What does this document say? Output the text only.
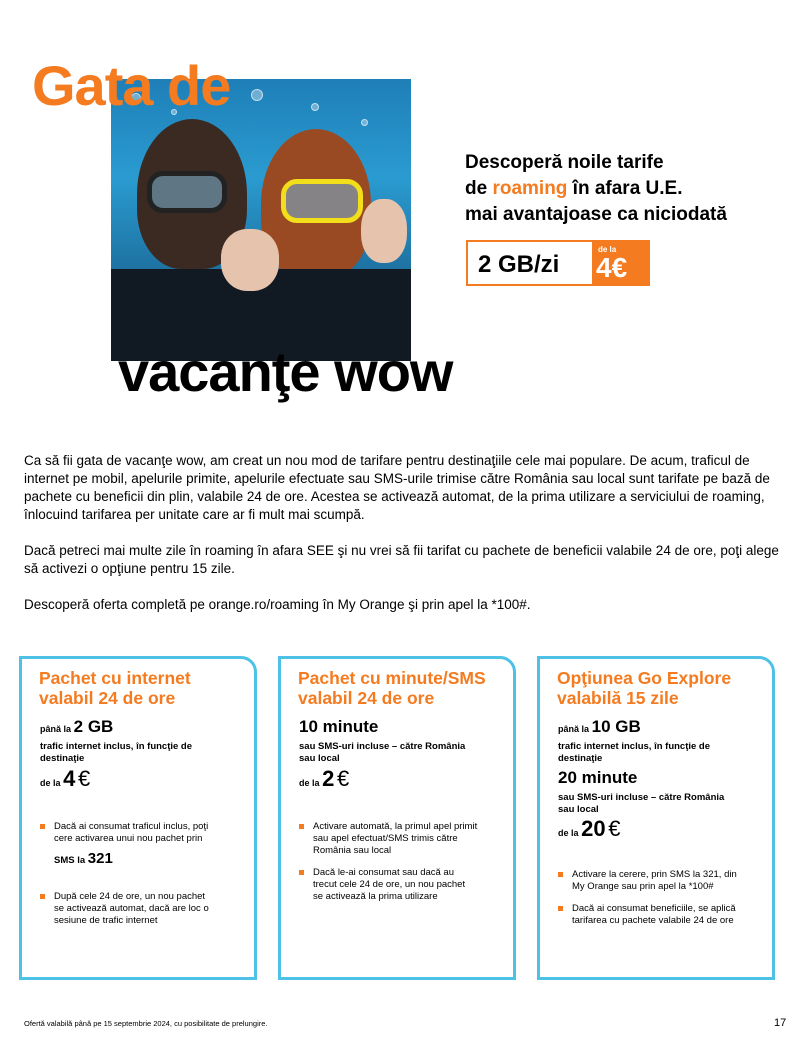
Gata de
vacanţe wow
Descoperă noile tarife
de roaming în afara U.E.
mai avantajoase ca niciodată
2 GB/zi
de la
4€

Ca să fii gata de vacanţe wow, am creat un nou mod de tarifare pentru destinaţiile cele mai populare. De acum, traficul de internet pe mobil, apelurile primite, apelurile efectuate sau SMS-urile trimise către România sau local sunt tarifate pe bază de pachete cu beneficii din plin, valabile 24 de ore. Acestea se activează automat, de la prima utilizare a serviciului de roaming, înlocuind tarifarea per unitate care ar fi mult mai scumpă.

Dacă petreci mai multe zile în roaming în afara SEE şi nu vrei să fii tarifat cu pachete de beneficii valabile 24 de ore, poţi alege să activezi o opţiune pentru 15 zile.

Descoperă oferta completă pe orange.ro/roaming în My Orange şi prin apel la *100#.

Pachet cu internet
valabil 24 de ore
până la 2 GB
trafic internet inclus, în funcţie de
destinaţie
de la 4 €
Dacă ai consumat traficul inclus, poţi
cere activarea unui nou pachet prin
SMS la 321
După cele 24 de ore, un nou pachet
se activează automat, dacă are loc o
sesiune de trafic internet
Pachet cu minute/SMS
valabil 24 de ore
10 minute
sau SMS-uri incluse – către România
sau local
de la 2 €
Activare automată, la primul apel primit
sau apel efectuat/SMS trimis către
România sau local
Dacă le-ai consumat sau dacă au
trecut cele 24 de ore, un nou pachet
se activează la prima utilizare
Opţiunea Go Explore
valabilă 15 zile
până la 10 GB
trafic internet inclus, în funcţie de
destinaţie
20 minute
sau SMS-uri incluse – către România
sau local
de la 20 €
Activare la cerere, prin SMS la 321, din
My Orange sau prin apel la *100#
Dacă ai consumat beneficiile, se aplică
tarifarea cu pachete valabile 24 de ore
Ofertă valabilă până pe 15 septembrie 2024, cu posibilitate de prelungire.	17
